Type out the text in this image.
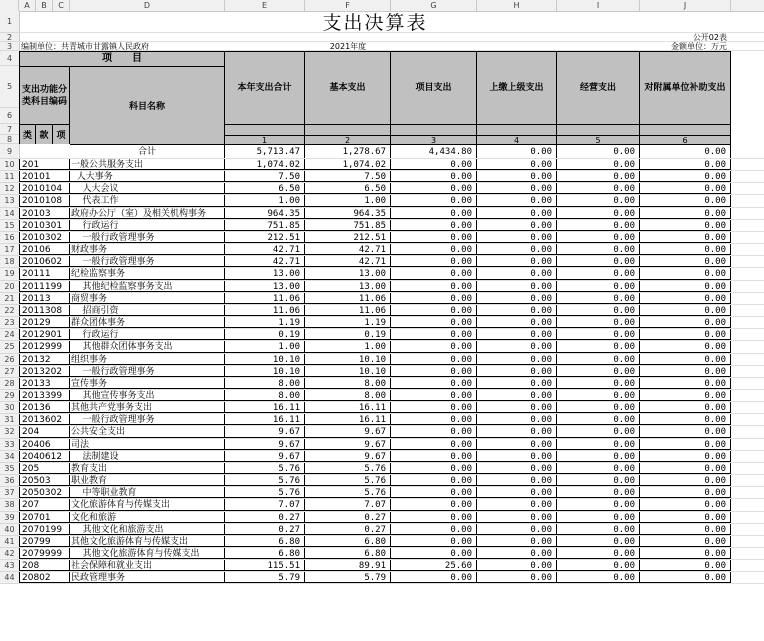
A	B	C	D	E	F	G	H	I	J
1
2
3
4
5
6
7
8
9
10
11
12
13
14
15
16
17
18
19
20
21
22
23
24
25
26
27
28
29
30
31
32
33
34
35
36
37
38
39
40
41
42
43
44
支出决算表
公开02表
编制单位：共青城市甘露镇人民政府	2021年度	金额单位：万元
项　　目
本年支出合计	基本支出	项目支出	上缴上级支出	经营支出	对附属单位补助支出
支出功能分类科目编码
科目名称
类 款 项	1	2	3	4	5	6
合计	5,713.47	1,278.67	4,434.80	0.00	0.00	0.00
201	一般公共服务支出	1,074.02	1,074.02	0.00	0.00	0.00	0.00
20101	人大事务	7.50	7.50	0.00	0.00	0.00	0.00
2010104 人大会议	6.50	6.50	0.00	0.00	0.00	0.00
2010108 代表工作	1.00	1.00	0.00	0.00	0.00	0.00
20103	政府办公厅（室）及相关机构事务	964.35	964.35	0.00	0.00	0.00	0.00
2010301 行政运行	751.85	751.85	0.00	0.00	0.00	0.00
2010302 一般行政管理事务	212.51	212.51	0.00	0.00	0.00	0.00
20106	财政事务	42.71	42.71	0.00	0.00	0.00	0.00
2010602 一般行政管理事务	42.71	42.71	0.00	0.00	0.00	0.00
20111	纪检监察事务	13.00	13.00	0.00	0.00	0.00	0.00
2011199 其他纪检监察事务支出	13.00	13.00	0.00	0.00	0.00	0.00
20113	商贸事务	11.06	11.06	0.00	0.00	0.00	0.00
2011308 招商引资	11.06	11.06	0.00	0.00	0.00	0.00
20129	群众团体事务	1.19	1.19	0.00	0.00	0.00	0.00
2012901 行政运行	0.19	0.19	0.00	0.00	0.00	0.00
2012999 其他群众团体事务支出	1.00	1.00	0.00	0.00	0.00	0.00
20132	组织事务	10.10	10.10	0.00	0.00	0.00	0.00
2013202 一般行政管理事务	10.10	10.10	0.00	0.00	0.00	0.00
20133	宣传事务	8.00	8.00	0.00	0.00	0.00	0.00
2013399 其他宣传事务支出	8.00	8.00	0.00	0.00	0.00	0.00
20136	其他共产党事务支出	16.11	16.11	0.00	0.00	0.00	0.00
2013602 一般行政管理事务	16.11	16.11	0.00	0.00	0.00	0.00
204	公共安全支出	9.67	9.67	0.00	0.00	0.00	0.00
20406	司法	9.67	9.67	0.00	0.00	0.00	0.00
2040612 法制建设	9.67	9.67	0.00	0.00	0.00	0.00
205	教育支出	5.76	5.76	0.00	0.00	0.00	0.00
20503	职业教育	5.76	5.76	0.00	0.00	0.00	0.00
2050302 中等职业教育	5.76	5.76	0.00	0.00	0.00	0.00
207	文化旅游体育与传媒支出	7.07	7.07	0.00	0.00	0.00	0.00
20701	文化和旅游	0.27	0.27	0.00	0.00	0.00	0.00
2070199 其他文化和旅游支出	0.27	0.27	0.00	0.00	0.00	0.00
20799	其他文化旅游体育与传媒支出	6.80	6.80	0.00	0.00	0.00	0.00
2079999 其他文化旅游体育与传媒支出	6.80	6.80	0.00	0.00	0.00	0.00
208	社会保障和就业支出	115.51	89.91	25.60	0.00	0.00	0.00
20802	民政管理事务	5.79	5.79	0.00	0.00	0.00	0.00
